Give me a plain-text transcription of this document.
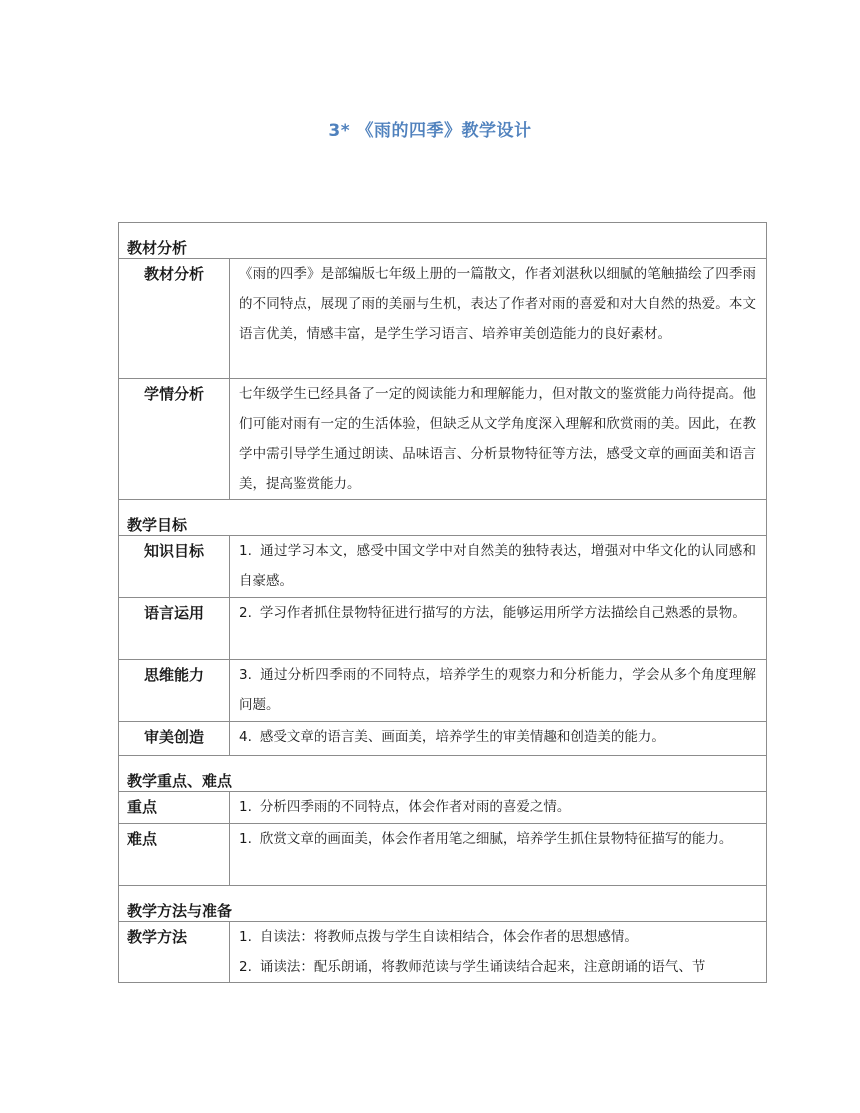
3* 《雨的四季》教学设计
教材分析	

教材分析	《雨的四季》是部编版七年级上册的一篇散文，作者刘湛秋以细腻的笔触描绘了四季雨的不同特点，展现了雨的美丽与生机，表达了作者对雨的喜爱和对大自然的热爱。本文语言优美，情感丰富，是学生学习语言、培养审美创造能力的良好素材。

学情分析	七年级学生已经具备了一定的阅读能力和理解能力，但对散文的鉴赏能力尚待提高。他们可能对雨有一定的生活体验，但缺乏从文学角度深入理解和欣赏雨的美。因此，在教学中需引导学生通过朗读、品味语言、分析景物特征等方法，感受文章的画面美和语言美，提高鉴赏能力。
教学目标	

知识目标	1. 通过学习本文，感受中国文学中对自然美的独特表达，增强对中华文化的认同感和自豪感。

语言运用	2. 学习作者抓住景物特征进行描写的方法，能够运用所学方法描绘自己熟悉的景物。

思维能力	3. 通过分析四季雨的不同特点，培养学生的观察力和分析能力，学会从多个角度理解问题。

审美创造	4. 感受文章的语言美、画面美，培养学生的审美情趣和创造美的能力。
教学重点、难点	

重点	1. 分析四季雨的不同特点，体会作者对雨的喜爱之情。

难点	1. 欣赏文章的画面美，体会作者用笔之细腻，培养学生抓住景物特征描写的能力。
教学方法与准备	

教学方法	1. 自读法：将教师点拨与学生自读相结合，体会作者的思想感情。
2. 诵读法：配乐朗诵，将教师范读与学生诵读结合起来，注意朗诵的语气、节
